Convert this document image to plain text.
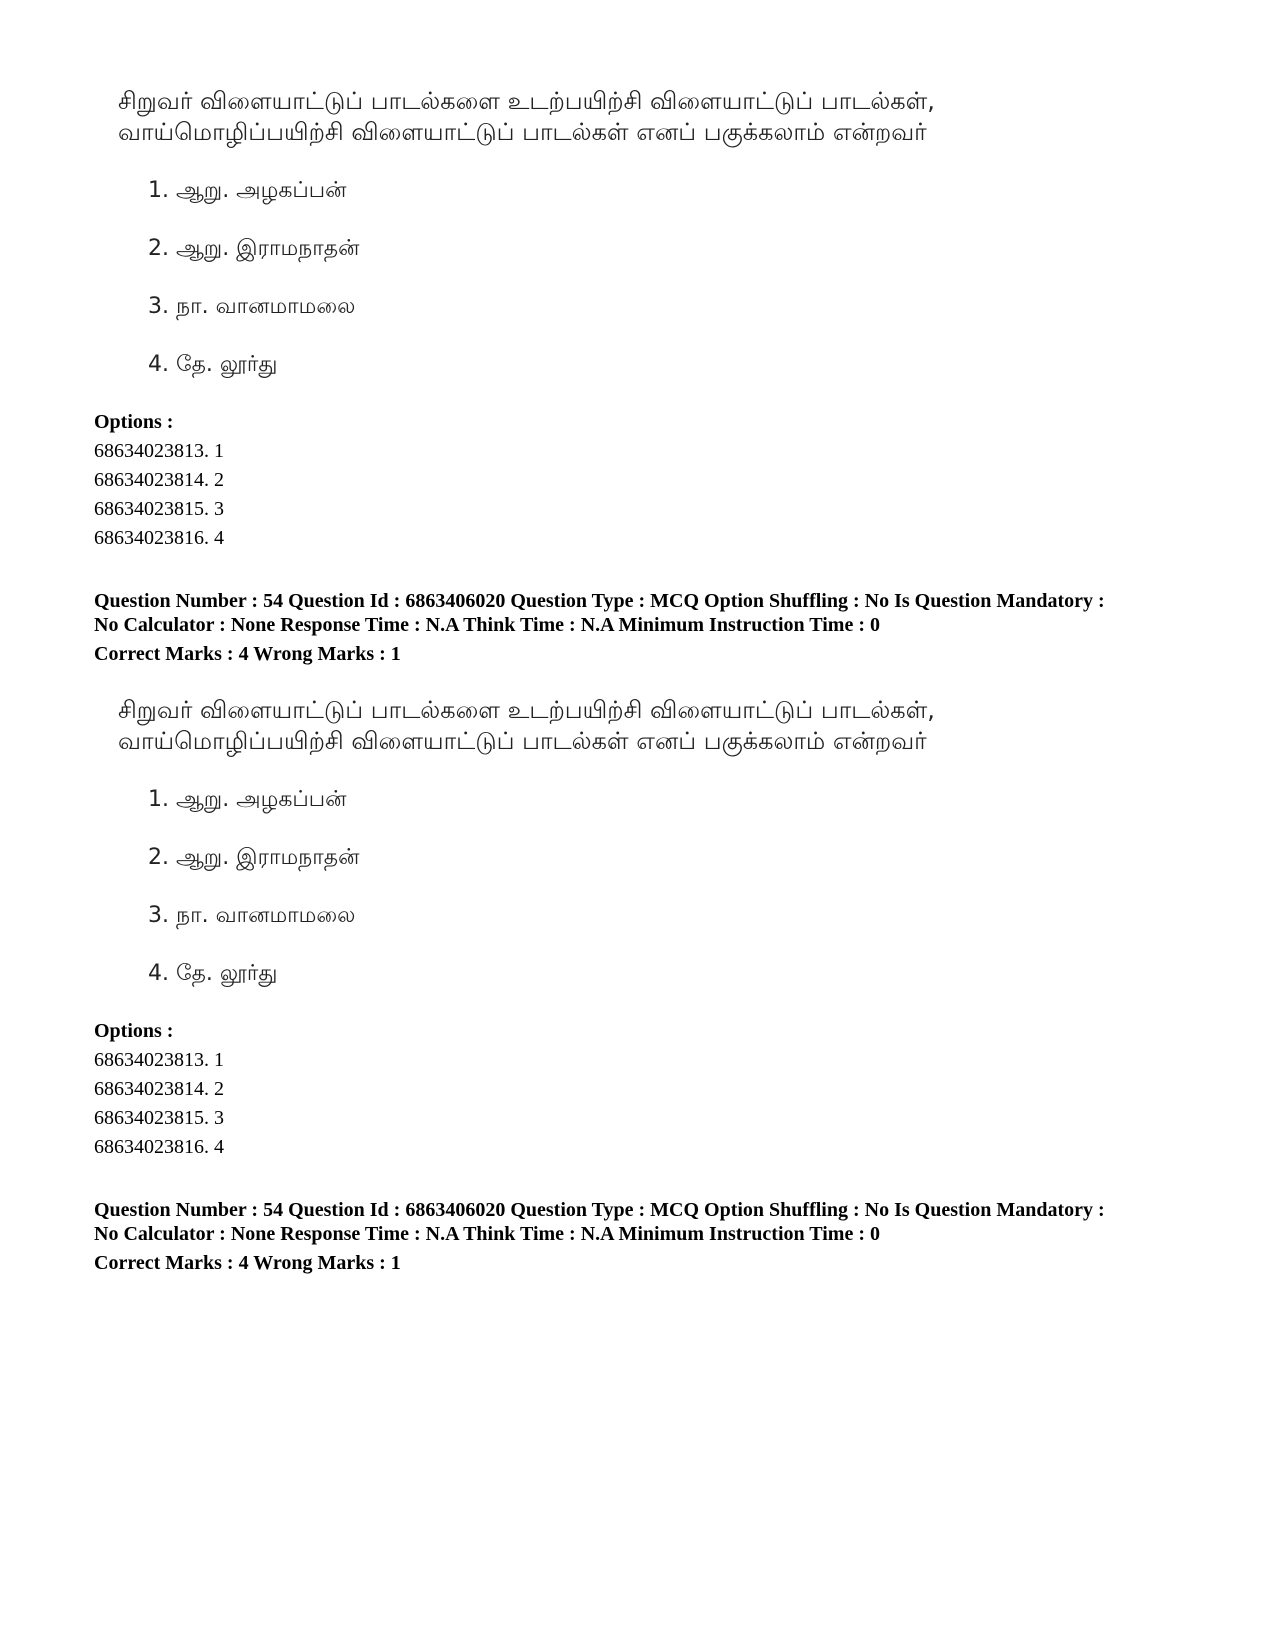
சிறுவர் விளையாட்டுப் பாடல்களை உடற்பயிற்சி விளையாட்டுப் பாடல்கள்,
வாய்மொழிப்பயிற்சி விளையாட்டுப் பாடல்கள் எனப் பகுக்கலாம் என்றவர்
1. ஆறு. அழகப்பன்
2. ஆறு. இராமநாதன்
3. நா. வானமாமலை
4. தே. லூர்து
Options :
68634023813. 1
68634023814. 2
68634023815. 3
68634023816. 4
Question Number : 54 Question Id : 6863406020 Question Type : MCQ Option Shuffling : No Is Question Mandatory :
No Calculator : None Response Time : N.A Think Time : N.A Minimum Instruction Time : 0
Correct Marks : 4 Wrong Marks : 1
சிறுவர் விளையாட்டுப் பாடல்களை உடற்பயிற்சி விளையாட்டுப் பாடல்கள்,
வாய்மொழிப்பயிற்சி விளையாட்டுப் பாடல்கள் எனப் பகுக்கலாம் என்றவர்
1. ஆறு. அழகப்பன்
2. ஆறு. இராமநாதன்
3. நா. வானமாமலை
4. தே. லூர்து
Options :
68634023813. 1
68634023814. 2
68634023815. 3
68634023816. 4
Question Number : 54 Question Id : 6863406020 Question Type : MCQ Option Shuffling : No Is Question Mandatory :
No Calculator : None Response Time : N.A Think Time : N.A Minimum Instruction Time : 0
Correct Marks : 4 Wrong Marks : 1
